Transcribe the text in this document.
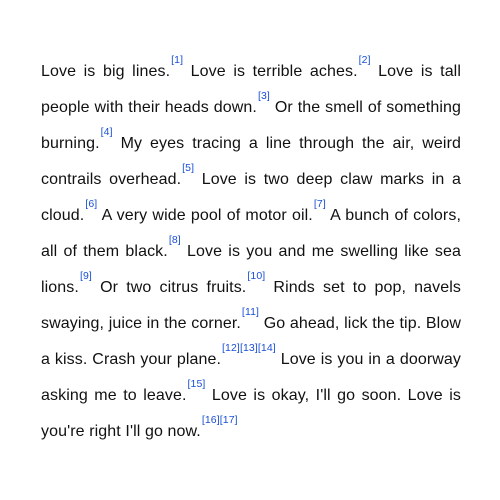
Love is big lines.[1] Love is terrible aches.[2] Love is tall people with their heads down.[3] Or the smell of something burning.[4] My eyes tracing a line through the air, weird contrails overhead.[5] Love is two deep claw marks in a cloud.[6] A very wide pool of motor oil.[7] A bunch of colors, all of them black.[8] Love is you and me swelling like sea lions.[9] Or two citrus fruits.[10] Rinds set to pop, navels swaying, juice in the corner.[11] Go ahead, lick the tip. Blow a kiss. Crash your plane.[12][13][14] Love is you in a doorway asking me to leave.[15] Love is okay, I'll go soon. Love is you're right I'll go now.[16][17]
